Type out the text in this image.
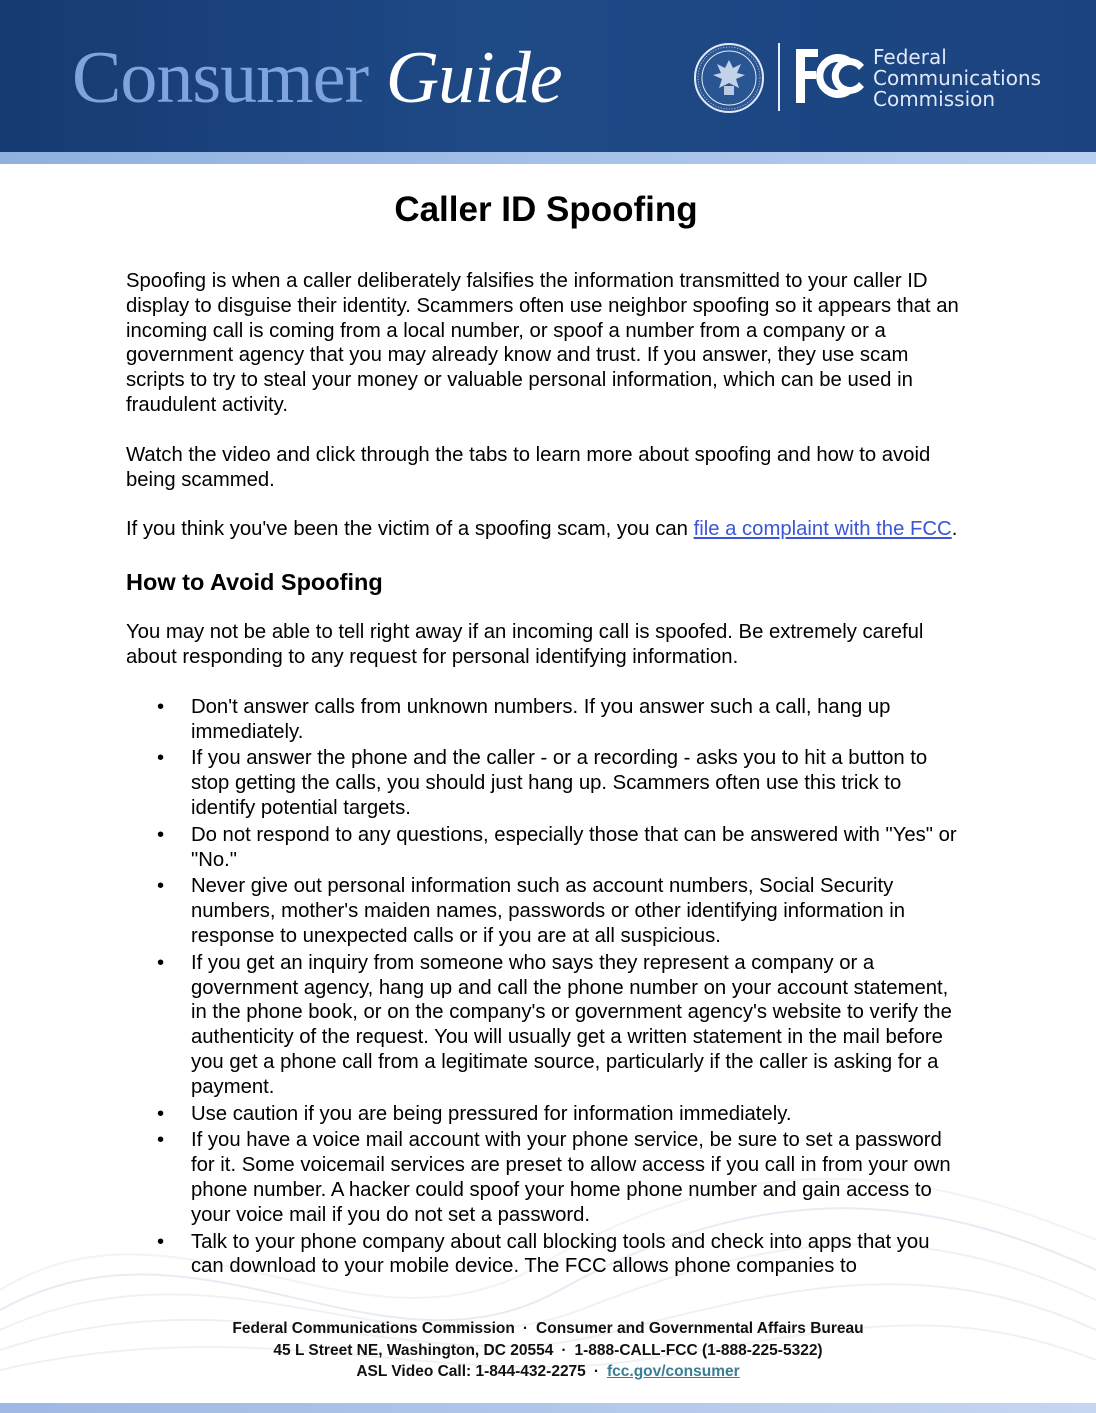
Consumer Guide	Federal
Communications
Commission
Caller ID Spoofing

Spoofing is when a caller deliberately falsifies the information transmitted to your caller ID display to disguise their identity. Scammers often use neighbor spoofing so it appears that an incoming call is coming from a local number, or spoof a number from a company or a government agency that you may already know and trust. If you answer, they use scam scripts to try to steal your money or valuable personal information, which can be used in fraudulent activity.

Watch the video and click through the tabs to learn more about spoofing and how to avoid being scammed.

If you think you've been the victim of a spoofing scam, you can file a complaint with the FCC.

How to Avoid Spoofing

You may not be able to tell right away if an incoming call is spoofed. Be extremely careful about responding to any request for personal identifying information.

• Don't answer calls from unknown numbers. If you answer such a call, hang up immediately.
• If you answer the phone and the caller - or a recording - asks you to hit a button to stop getting the calls, you should just hang up. Scammers often use this trick to identify potential targets.
• Do not respond to any questions, especially those that can be answered with "Yes" or "No."
• Never give out personal information such as account numbers, Social Security numbers, mother's maiden names, passwords or other identifying information in response to unexpected calls or if you are at all suspicious.
• If you get an inquiry from someone who says they represent a company or a government agency, hang up and call the phone number on your account statement, in the phone book, or on the company's or government agency's website to verify the authenticity of the request. You will usually get a written statement in the mail before you get a phone call from a legitimate source, particularly if the caller is asking for a payment.
• Use caution if you are being pressured for information immediately.
• If you have a voice mail account with your phone service, be sure to set a password for it. Some voicemail services are preset to allow access if you call in from your own phone number. A hacker could spoof your home phone number and gain access to your voice mail if you do not set a password.
• Talk to your phone company about call blocking tools and check into apps that you can download to your mobile device. The FCC allows phone companies to
Federal Communications Commission · Consumer and Governmental Affairs Bureau
45 L Street NE, Washington, DC 20554 · 1-888-CALL-FCC (1-888-225-5322)
ASL Video Call: 1-844-432-2275 · fcc.gov/consumer
